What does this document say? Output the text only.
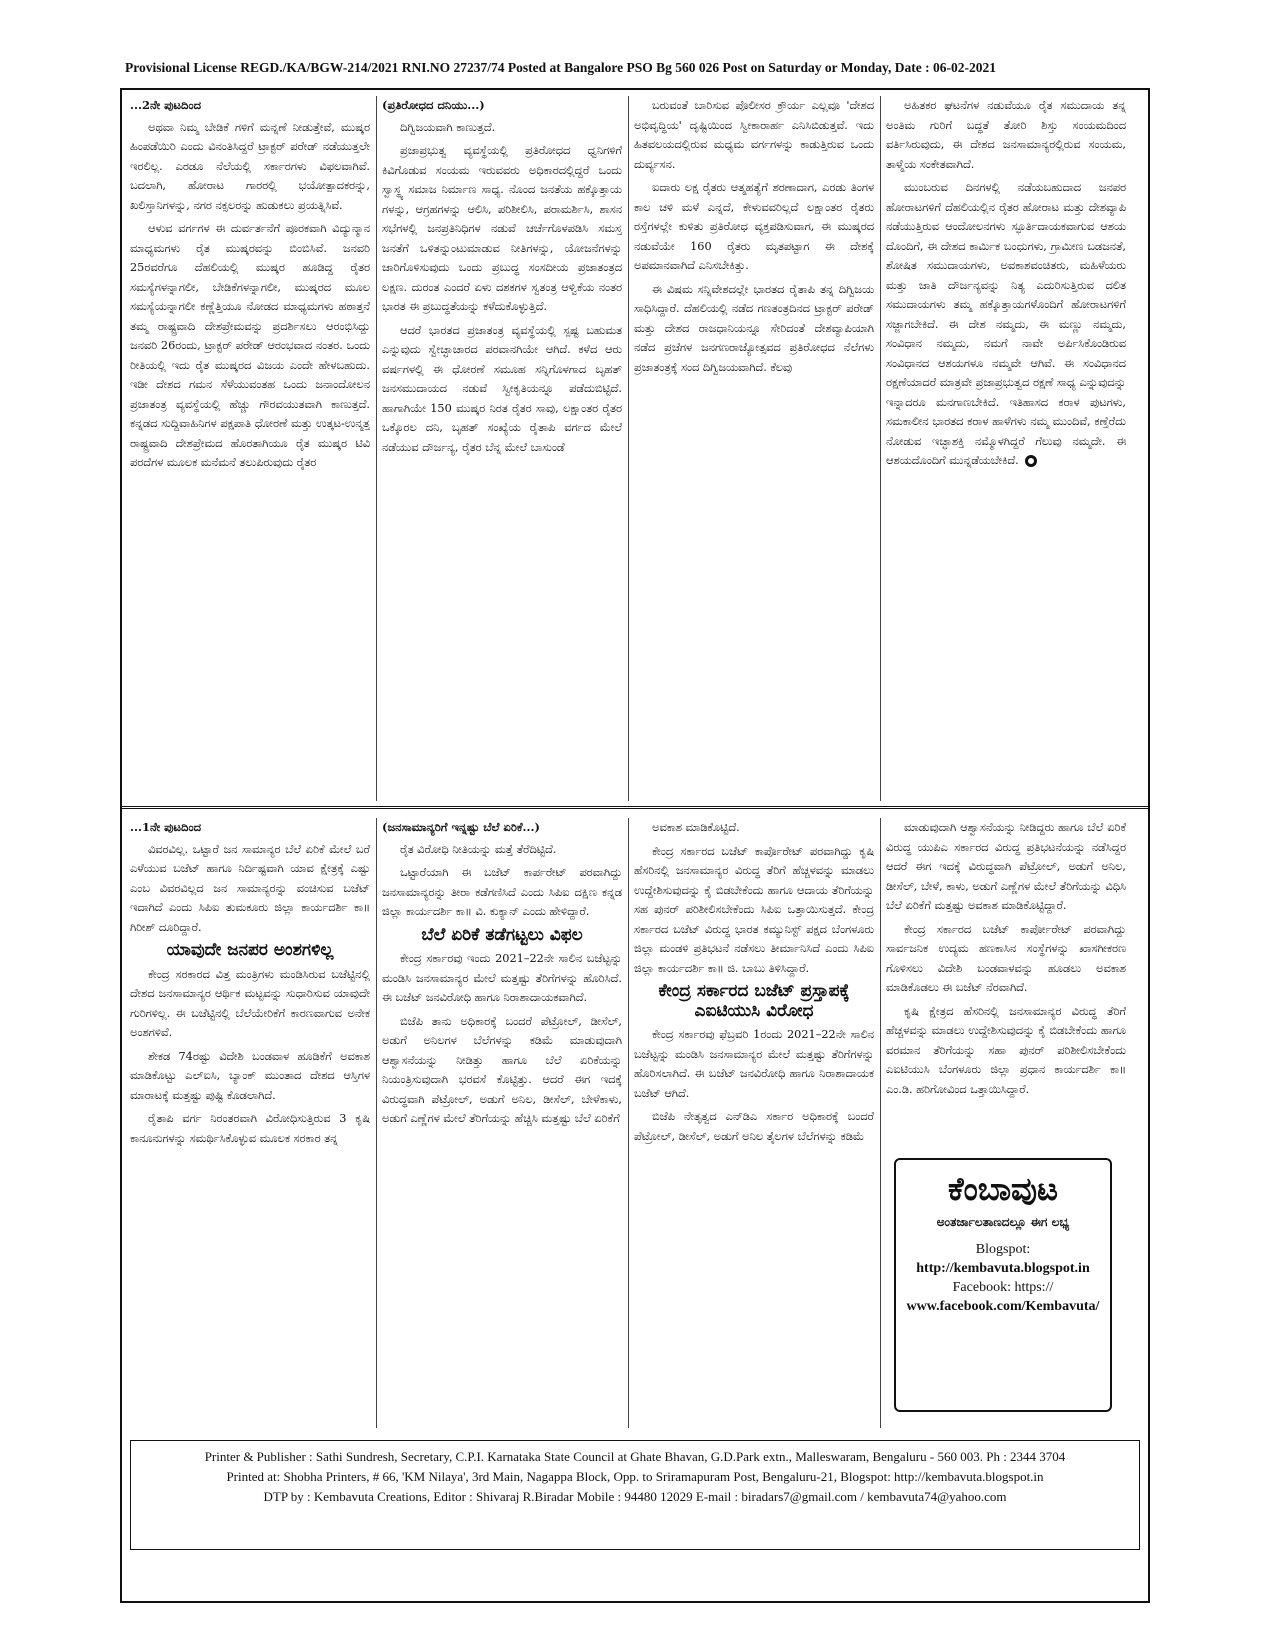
Provisional License REGD./KA/BGW-214/2021 RNI.NO 27237/74 Posted at Bangalore PSO Bg 560 026 Post on Saturday or Monday, Date : 06-02-2021
...2ನೇ ಪುಟದಿಂದ

ಅಥವಾ ನಿಮ್ಮ ಬೇಡಿಕೆ ಗಳಿಗೆ ಮನ್ನಣೆ ನೀಡುತ್ತೇವೆ, ಮುಷ್ಕರ ಹಿಂಪಡೆಯಿರಿ ಎಂದು ವಿನಂತಿಸಿದ್ದರೆ ಟ್ರಾಕ್ಟರ್ ಪರೇಡ್ ನಡೆಯುತ್ತಲೇ ಇರಲಿಲ್ಲ. ಎರಡೂ ನೆಲೆಯಲ್ಲಿ ಸರ್ಕಾರಗಳು ವಿಫಲವಾಗಿವೆ. ಬದಲಾಗಿ, ಹೋರಾಟ ಗಾರರಲ್ಲಿ ಭಯೋತ್ಪಾದಕರನ್ನು, ಖಲಿಸ್ತಾನಿಗಳನ್ನು, ನಗರ ನಕ್ಸಲರನ್ನು ಹುಡುಕಲು ಪ್ರಯತ್ನಿಸಿವೆ.

ಆಳುವ ವರ್ಗಗಳ ಈ ದುರ್ವರ್ತನೆಗೆ ಪೂರಕವಾಗಿ ವಿದ್ಯುನ್ಮಾನ ಮಾಧ್ಯಮಗಳು ರೈತ ಮುಷ್ಕರವನ್ನು ಬಿಂಬಿಸಿವೆ. ಜನವರಿ 25ರವರೆಗೂ ದೆಹಲಿಯಲ್ಲಿ ಮುಷ್ಕರ ಹೂಡಿದ್ದ ರೈತರ ಸಮಸ್ಯೆಗಳನ್ನಾಗಲೀ, ಬೇಡಿಕೆಗಳನ್ನಾಗಲೀ, ಮುಷ್ಕರದ ಮೂಲ ಸಮಸ್ಯೆಯನ್ನಾಗಲೀ ಕಣ್ಣೆತ್ತಿಯೂ ನೋಡದ ಮಾಧ್ಯಮಗಳು ಹಠಾತ್ತನೆ ತಮ್ಮ ರಾಷ್ಟ್ರವಾದಿ ದೇಶಪ್ರೇಮವನ್ನು ಪ್ರದರ್ಶಿಸಲು ಆರಂಭಿಸಿದ್ದು ಜನವರಿ 26ರಂದು, ಟ್ರಾಕ್ಟರ್ ಪರೇಡ್ ಆರಂಭವಾದ ನಂತರ. ಒಂದು ರೀತಿಯಲ್ಲಿ ಇದು ರೈತ ಮುಷ್ಕರದ ವಿಜಯ ಎಂದೇ ಹೇಳಬಹುದು. ಇಡೀ ದೇಶದ ಗಮನ ಸೆಳೆಯುವಂತಹ ಒಂದು ಜನಾಂದೋಲನ ಪ್ರಜಾತಂತ್ರ ವ್ಯವಸ್ಥೆಯಲ್ಲಿ ಹೆಚ್ಚು ಗೌರವಯುತವಾಗಿ ಕಾಣುತ್ತದೆ. ಕನ್ನಡದ ಸುದ್ದಿವಾಹಿನಿಗಳ ಪಕ್ಷಪಾತಿ ಧೋರಣೆ ಮತ್ತು ಉತ್ಕಟ-ಉನ್ಮತ್ತ ರಾಷ್ಟ್ರವಾದಿ ದೇಶಪ್ರೇಮದ ಹೊರತಾಗಿಯೂ ರೈತ ಮುಷ್ಕರ ಟಿವಿ ಪರದೆಗಳ ಮೂಲಕ ಮನೆಮನೆ ತಲುಪಿರುವುದು ರೈತರ

(ಪ್ರತಿರೋಧದ ದನಿಯು...)

ದಿಗ್ವಿಜಯವಾಗಿ ಕಾಣುತ್ತದೆ.

ಪ್ರಜಾಪ್ರಭುತ್ವ ವ್ಯವಸ್ಥೆಯಲ್ಲಿ ಪ್ರತಿರೋಧದ ಧ್ವನಿಗಳಿಗೆ ಕಿವಿಗೊಡುವ ಸಂಯಮ ಇರುವವರು ಅಧಿಕಾರದಲ್ಲಿದ್ದರೆ ಒಂದು ಸ್ವಾಸ್ಥ್ಯ ಸಮಾಜ ನಿರ್ಮಾಣ ಸಾಧ್ಯ. ನೊಂದ ಜನತೆಯ ಹಕ್ಕೊತ್ತಾಯ ಗಳನ್ನು, ಆಗ್ರಹಗಳನ್ನು ಆಲಿಸಿ, ಪರಿಶೀಲಿಸಿ, ಪರಾಮರ್ಶಿಸಿ, ಶಾಸನ ಸಭೆಗಳಲ್ಲಿ ಜನಪ್ರತಿನಿಧಿಗಳ ನಡುವೆ ಚರ್ಚೆಗೊಳಪಡಿಸಿ ಸಮಸ್ತ ಜನತೆಗೆ ಒಳಿತನ್ನುಂಟುಮಾಡುವ ನೀತಿಗಳನ್ನು, ಯೋಜನೆಗಳನ್ನು ಜಾರಿಗೊಳಿಸುವುದು ಒಂದು ಪ್ರಬುದ್ಧ ಸಂಸದೀಯ ಪ್ರಜಾತಂತ್ರದ ಲಕ್ಷಣ. ದುರಂತ ಎಂದರೆ ಏಳು ದಶಕಗಳ ಸ್ವತಂತ್ರ ಆಳ್ವಿಕೆಯ ನಂತರ ಭಾರತ ಈ ಪ್ರಬುದ್ಧತೆಯನ್ನು ಕಳೆದುಕೊಳ್ಳುತ್ತಿದೆ.

ಆದರೆ ಭಾರತದ ಪ್ರಜಾತಂತ್ರ ವ್ಯವಸ್ಥೆಯಲ್ಲಿ ಸ್ಪಷ್ಟ ಬಹುಮತ ಎನ್ನುವುದು ಸ್ವೇಚ್ಛಾಚಾರದ ಪರವಾನಗಿಯೇ ಆಗಿದೆ. ಕಳೆದ ಆರು ವರ್ಷಗಳಲ್ಲಿ ಈ ಧೋರಣೆ ಸಮೂಹ ಸನ್ನಿಗೊಳಗಾದ ಬೃಹತ್ ಜನಸಮುದಾಯದ ನಡುವೆ ಸ್ವೀಕೃತಿಯನ್ನೂ ಪಡೆದುಬಿಟ್ಟಿದೆ. ಹಾಗಾಗಿಯೇ 150 ಮುಷ್ಕರ ನಿರತ ರೈತರ ಸಾವು, ಲಕ್ಷಾಂತರ ರೈತರ ಒಕ್ಕೊರಲ ದನಿ, ಬೃಹತ್ ಸಂಖ್ಯೆಯ ರೈತಾಪಿ ವರ್ಗದ ಮೇಲೆ ನಡೆಯುವ ದೌರ್ಜನ್ಯ, ರೈತರ ಬೆನ್ನ ಮೇಲೆ ಬಾಸುಂಡೆ

ಬರುವಂತೆ ಬಾರಿಸುವ ಪೊಲೀಸರ ಕ್ರೌರ್ಯ ಎಲ್ಲವೂ 'ದೇಶದ ಅಭಿವೃದ್ಧಿಯ' ದೃಷ್ಟಿಯಿಂದ ಸ್ವೀಕಾರಾರ್ಹ ಎನಿಸಿಬಿಡುತ್ತವೆ. ಇದು ಹಿತವಲಯದಲ್ಲಿರುವ ಮಧ್ಯಮ ವರ್ಗಗಳನ್ನು ಕಾಡುತ್ತಿರುವ ಒಂದು ದುರ್ವ್ಯಸನ.

ಐದಾರು ಲಕ್ಷ ರೈತರು ಆತ್ಮಹತ್ಯೆಗೆ ಶರಣಾದಾಗ, ಎರಡು ತಿಂಗಳ ಕಾಲ ಚಳಿ ಮಳೆ ಎನ್ನದೆ, ಕೇಳುವವರಿಲ್ಲದೆ ಲಕ್ಷಾಂತರ ರೈತರು ರಸ್ತೆಗಳಲ್ಲೇ ಕುಳಿತು ಪ್ರತಿರೋಧ ವ್ಯಕ್ತಪಡಿಸುವಾಗ, ಈ ಮುಷ್ಕರದ ನಡುವೆಯೇ 160 ರೈತರು ಮೃತಪಟ್ಟಾಗ ಈ ದೇಶಕ್ಕೆ ಅಪಮಾನವಾಗಿದೆ ಎನಿಸಬೇಕಿತ್ತು.

ಈ ವಿಷಮ ಸನ್ನಿವೇಶದಲ್ಲೇ ಭಾರತದ ರೈತಾಪಿ ತನ್ನ ದಿಗ್ವಿಜಯ ಸಾಧಿಸಿದ್ದಾರೆ. ದೆಹಲಿಯಲ್ಲಿ ನಡೆದ ಗಣತಂತ್ರದಿನದ ಟ್ರಾಕ್ಟರ್ ಪರೇಡ್ ಮತ್ತು ದೇಶದ ರಾಜಧಾನಿಯನ್ನೂ ಸೇರಿದಂತೆ ದೇಶವ್ಯಾಪಿಯಾಗಿ ನಡೆದ ಪ್ರಜೆಗಳ ಜನಗಣರಾಜ್ಯೋತ್ಸವದ ಪ್ರತಿರೋಧದ ನೆಲೆಗಳು ಪ್ರಜಾತಂತ್ರಕ್ಕೆ ಸಂದ ದಿಗ್ವಿಜಯವಾಗಿದೆ. ಕೆಲವು

ಅಹಿತಕರ ಘಟನೆಗಳ ನಡುವೆಯೂ ರೈತ ಸಮುದಾಯ ತನ್ನ ಅಂತಿಮ ಗುರಿಗೆ ಬದ್ಧತೆ ತೋರಿ ಶಿಸ್ತು ಸಂಯಮದಿಂದ ವರ್ತಿಸಿರುವುದು, ಈ ದೇಶದ ಜನಸಾಮಾನ್ಯರಲ್ಲಿರುವ ಸಂಯಮ, ತಾಳ್ಮೆಯ ಸಂಕೇತವಾಗಿದೆ.

ಮುಂಬರುವ ದಿನಗಳಲ್ಲಿ ನಡೆಯಬಹುದಾದ ಜನಪರ ಹೋರಾಟಗಳಿಗೆ ದೆಹಲಿಯಲ್ಲಿನ ರೈತರ ಹೋರಾಟ ಮತ್ತು ದೇಶವ್ಯಾಪಿ ನಡೆಯುತ್ತಿರುವ ಆಂದೋಲನಗಳು ಸ್ಫೂರ್ತಿದಾಯಕವಾಗುವ ಆಶಯ ದೊಂದಿಗೆ, ಈ ದೇಶದ ಕಾರ್ಮಿಕ ಬಂಧುಗಳು, ಗ್ರಾಮೀಣ ಬಡಜನತೆ, ಶೋಷಿತ ಸಮುದಾಯಗಳು, ಅವಕಾಶವಂಚಿತರು, ಮಹಿಳೆಯರು ಮತ್ತು ಜಾತಿ ದೌರ್ಜನ್ಯವನ್ನು ನಿತ್ಯ ಎದುರಿಸುತ್ತಿರುವ ದಲಿತ ಸಮುದಾಯಗಳು ತಮ್ಮ ಹಕ್ಕೊತ್ತಾಯಗಳೊಂದಿಗೆ ಹೋರಾಟಗಳಿಗೆ ಸಜ್ಜಾಗಬೇಕಿದೆ. ಈ ದೇಶ ನಮ್ಮದು, ಈ ಮಣ್ಣು ನಮ್ಮದು, ಸಂವಿಧಾನ ನಮ್ಮದು, ನಮಗೆ ನಾವೇ ಅರ್ಪಿಸಿಕೊಂಡಿರುವ ಸಂವಿಧಾನದ ಆಶಯಗಳೂ ನಮ್ಮವೇ ಆಗಿವೆ. ಈ ಸಂವಿಧಾನದ ರಕ್ಷಣೆಯಾದರೆ ಮಾತ್ರವೇ ಪ್ರಜಾಪ್ರಭುತ್ವದ ರಕ್ಷಣೆ ಸಾಧ್ಯ ಎನ್ನುವುದನ್ನು ಇನ್ನಾದರೂ ಮನಗಾಣಬೇಕಿದೆ. ಇತಿಹಾಸದ ಕರಾಳ ಪುಟಗಳು, ಸಮಕಾಲೀನ ಭಾರತದ ಕರಾಳ ಹಾಳೆಗಳು ನಮ್ಮ ಮುಂದಿವೆ, ಕಣ್ತೆರೆದು ನೋಡುವ ಇಚ್ಛಾಶಕ್ತಿ ನಮ್ಮೊಳಗಿದ್ದರೆ ಗೆಲುವು ನಮ್ಮದೇ. ಈ ಆಶಯದೊಂದಿಗೆ ಮುನ್ನಡೆಯಬೇಕಿದೆ.

...1ನೇ ಪುಟದಿಂದ

ವಿವರವಿಲ್ಲ. ಒಟ್ಟಾರೆ ಜನ ಸಾಮಾನ್ಯರ ಬೆಲೆ ಏರಿಕೆ ಮೇಲೆ ಬರೆ ಎಳೆಯುವ ಬಜೆಟ್ ಹಾಗೂ ನಿರ್ದಿಷ್ಟವಾಗಿ ಯಾವ ಕ್ಷೇತ್ರಕ್ಕೆ ಎಷ್ಟು ಎಂಬ ವಿವರವಿಲ್ಲದ ಜನ ಸಾಮಾನ್ಯರನ್ನು ವಂಚಿಸುವ ಬಜೆಟ್ ಇದಾಗಿದೆ ಎಂದು ಸಿಪಿಐ ತುಮಕೂರು ಜಿಲ್ಲಾ ಕಾರ್ಯದರ್ಶಿ ಕಾ॥ ಗಿರೀಶ್ ದೂರಿದ್ದಾರೆ.

ಯಾವುದೇ ಜನಪರ ಅಂಶಗಳಿಲ್ಲ

ಕೇಂದ್ರ ಸರಕಾರದ ವಿತ್ತ ಮಂತ್ರಿಗಳು ಮಂಡಿಸಿರುವ ಬಜೆಟ್ಟಿನಲ್ಲಿ ದೇಶದ ಜನಸಾಮಾನ್ಯರ ಆರ್ಥಿಕ ಮಟ್ಟವನ್ನು ಸುಧಾರಿಸುವ ಯಾವುದೇ ಗುರಿಗಳಿಲ್ಲ. ಈ ಬಜೆಟ್ಟಿನಲ್ಲಿ ಬೆಲೆಯೇರಿಕೆಗೆ ಕಾರಣವಾಗುವ ಅನೇಕ ಅಂಶಗಳಿವೆ.

ಶೇಕಡ 74ರಷ್ಟು ವಿದೇಶಿ ಬಂಡವಾಳ ಹೂಡಿಕೆಗೆ ಅವಕಾಶ ಮಾಡಿಕೊಟ್ಟು ಎಲ್ಐಸಿ, ಬ್ಯಾಂಕ್ ಮುಂತಾದ ದೇಶದ ಆಸ್ತಿಗಳ ಮಾರಾಟಕ್ಕೆ ಮತ್ತಷ್ಟು ಪುಷ್ಟಿ ಕೊಡಲಾಗಿದೆ.

ರೈತಾಪಿ ವರ್ಗ ನಿರಂತರವಾಗಿ ವಿರೋಧಿಸುತ್ತಿರುವ 3 ಕೃಷಿ ಕಾನೂನುಗಳನ್ನು ಸಮರ್ಥಿಸಿಕೊಳ್ಳುವ ಮೂಲಕ ಸರಕಾರ ತನ್ನ

(ಜನಸಾಮಾನ್ಯರಿಗೆ ಇನ್ನಷ್ಟು ಬೆಲೆ ಏರಿಕೆ...)

ರೈತ ವಿರೋಧಿ ನೀತಿಯನ್ನು ಮತ್ತೆ ತೆರೆದಿಟ್ಟಿದೆ.

ಒಟ್ಟಾರೆಯಾಗಿ ಈ ಬಜೆಟ್ ಕಾರ್ಪರೇಟ್ ಪರವಾಗಿದ್ದು ಜನಸಾಮಾನ್ಯರನ್ನು ತೀರಾ ಕಡೆಗಣಿಸಿದೆ ಎಂದು ಸಿಪಿಐ ದಕ್ಷಿಣ ಕನ್ನಡ ಜಿಲ್ಲಾ ಕಾರ್ಯದರ್ಶಿ ಕಾ॥ ವಿ. ಕುಕ್ಯಾನ್ ಎಂದು ಹೇಳಿದ್ದಾರೆ.

ಬೆಲೆ ಏರಿಕೆ ತಡೆಗಟ್ಟಲು ವಿಫಲ

ಕೇಂದ್ರ ಸರ್ಕಾರವು ಇಂದು 2021–22ನೇ ಸಾಲಿನ ಬಜೆಟ್ಟನ್ನು ಮಂಡಿಸಿ ಜನಸಾಮಾನ್ಯರ ಮೇಲೆ ಮತ್ತಷ್ಟು ತೆರಿಗೆಗಳನ್ನು ಹೊರಿಸಿದೆ. ಈ ಬಜೆಟ್ ಜನವಿರೋಧಿ ಹಾಗೂ ನಿರಾಶಾದಾಯಕವಾಗಿದೆ.

ಬಿಜೆಪಿ ತಾನು ಅಧಿಕಾರಕ್ಕೆ ಬಂದರೆ ಪೆಟ್ರೋಲ್, ಡೀಸೆಲ್, ಅಡುಗೆ ಅನಿಲಗಳ ಬೆಲೆಗಳನ್ನು ಕಡಿಮೆ ಮಾಡುವುದಾಗಿ ಆಶ್ವಾಸನೆಯನ್ನು ನೀಡಿತ್ತು ಹಾಗೂ ಬೆಲೆ ಏರಿಕೆಯನ್ನು ನಿಯಂತ್ರಿಸುವುದಾಗಿ ಭರವಸೆ ಕೊಟ್ಟಿತ್ತು. ಆದರೆ ಈಗ ಇದಕ್ಕೆ ವಿರುದ್ಧವಾಗಿ ಪೆಟ್ರೋಲ್, ಅಡುಗೆ ಅನಿಲ, ಡೀಸೆಲ್, ಬೇಳೆಕಾಳು, ಅಡುಗೆ ಎಣ್ಣೆಗಳ ಮೇಲೆ ತೆರಿಗೆಯನ್ನು ಹೆಚ್ಚಿಸಿ ಮತ್ತಷ್ಟು ಬೆಲೆ ಏರಿಕೆಗೆ

ಅವಕಾಶ ಮಾಡಿಕೊಟ್ಟಿದೆ.

ಕೇಂದ್ರ ಸರ್ಕಾರದ ಬಜೆಟ್ ಕಾರ್ಪೊರೇಟ್ ಪರವಾಗಿದ್ದು ಕೃಷಿ ಹೆಸರಿನಲ್ಲಿ ಜನಸಾಮಾನ್ಯರ ವಿರುದ್ಧ ತೆರಿಗೆ ಹೆಚ್ಚಳವನ್ನು ಮಾಡಲು ಉದ್ದೇಶಿಸುವುದನ್ನು ಕೈ ಬಿಡಬೇಕೆಂದು ಹಾಗೂ ಆದಾಯ ತೆರಿಗೆಯನ್ನು ಸಹ ಪುನರ್ ಪರಿಶೀಲಿಸಬೇಕೆಂದು ಸಿಪಿಐ ಒತ್ತಾಯಿಸುತ್ತದೆ. ಕೇಂದ್ರ ಸರ್ಕಾರದ ಬಜೆಟ್ ವಿರುದ್ಧ ಭಾರತ ಕಮ್ಯುನಿಸ್ಟ್ ಪಕ್ಷದ ಬೆಂಗಳೂರು ಜಿಲ್ಲಾ ಮಂಡಳಿ ಪ್ರತಿಭಟನೆ ನಡೆಸಲು ತೀರ್ಮಾನಿಸಿದೆ ಎಂದು ಸಿಪಿಐ ಜಿಲ್ಲಾ ಕಾರ್ಯದರ್ಶಿ ಕಾ॥ ಜಿ. ಬಾಬು ತಿಳಿಸಿದ್ದಾರೆ.

ಕೇಂದ್ರ ಸರ್ಕಾರದ ಬಜೆಟ್ ಪ್ರಸ್ತಾಪಕ್ಕೆ ಎಐಟಿಯುಸಿ ವಿರೋಧ

ಕೇಂದ್ರ ಸರ್ಕಾರವು ಫೆಬ್ರವರಿ 1ರಂದು 2021–22ನೇ ಸಾಲಿನ ಬಜೆಟ್ಟನ್ನು ಮಂಡಿಸಿ ಜನಸಾಮಾನ್ಯರ ಮೇಲೆ ಮತ್ತಷ್ಟು ತೆರಿಗೆಗಳನ್ನು ಹೊರಿಸಲಾಗಿದೆ. ಈ ಬಜೆಟ್ ಜನವಿರೋಧಿ ಹಾಗೂ ನಿರಾಶಾದಾಯಕ ಬಜೆಟ್ ಆಗಿದೆ.

ಬಿಜೆಪಿ ನೇತೃತ್ವದ ಎನ್‌ಡಿಎ ಸರ್ಕಾರ ಅಧಿಕಾರಕ್ಕೆ ಬಂದರೆ ಪೆಟ್ರೋಲ್, ಡೀಸೆಲ್, ಅಡುಗೆ ಅನಿಲ ತೈಲಗಳ ಬೆಲೆಗಳನ್ನು ಕಡಿಮೆ

ಮಾಡುವುದಾಗಿ ಆಶ್ವಾಸನೆಯನ್ನು ನೀಡಿದ್ದರು ಹಾಗೂ ಬೆಲೆ ಏರಿಕೆ ವಿರುದ್ಧ ಯುಪಿಎ ಸರ್ಕಾರದ ವಿರುದ್ಧ ಪ್ರತಿಭಟನೆಯನ್ನು ನಡೆಸಿದ್ದರ ಆದರೆ ಈಗ ಇದಕ್ಕೆ ವಿರುದ್ಧವಾಗಿ ಪೆಟ್ರೋಲ್, ಅಡುಗೆ ಅನಿಲ, ಡೀಸೆಲ್, ಬೇಳೆ, ಕಾಳು, ಅಡುಗೆ ಎಣ್ಣೆಗಳ ಮೇಲೆ ತೆರಿಗೆಯನ್ನು ವಿಧಿಸಿ ಬೆಲೆ ಏರಿಕೆಗೆ ಮತ್ತಷ್ಟು ಅವಕಾಶ ಮಾಡಿಕೊಟ್ಟಿದ್ದಾರೆ.

ಕೇಂದ್ರ ಸರ್ಕಾರದ ಬಜೆಟ್ ಕಾರ್ಪೋರೇಟ್ ಪರವಾಗಿದ್ದು ಸಾರ್ವಜನಿಕ ಉದ್ಯಮ ಹಣಕಾಸಿನ ಸಂಸ್ಥೆಗಳನ್ನು ಖಾಸಗೀಕರಣ ಗೊಳಿಸಲು ವಿದೇಶಿ ಬಂಡವಾಳವನ್ನು ಹೂಡಲು ಅವಕಾಶ ಮಾಡಿಕೊಡಲು ಈ ಬಜೆಟ್ ನೆರವಾಗಿದೆ.

ಕೃಷಿ ಕ್ಷೇತ್ರದ ಹೆಸರಿನಲ್ಲಿ ಜನಸಾಮಾನ್ಯರ ವಿರುದ್ಧ ತೆರಿಗೆ ಹೆಚ್ಚಳವನ್ನು ಮಾಡಲು ಉದ್ದೇಶಿಸುವುದನ್ನು ಕೈ ಬಿಡಬೇಕೆಂದು ಹಾಗೂ ವರಮಾನ ತೆರಿಗೆಯನ್ನು ಸಹಾ ಪುನರ್ ಪರಿಶೀಲಿಸಬೇಕೆಂದು ಎಐಟಿಯುಸಿ ಬೆಂಗಳೂರು ಜಿಲ್ಲಾ ಪ್ರಧಾನ ಕಾರ್ಯದರ್ಶಿ ಕಾ॥ ಎಂ.ಡಿ. ಹರಿಗೋವಿಂದ ಒತ್ತಾಯಿಸಿದ್ದಾರೆ.

ಕೆಂಬಾವುಟ
ಅಂತರ್ಜಾಲತಾಣದಲ್ಲೂ ಈಗ ಲಭ್ಯ
Blogspot:
http://kembavuta.blogspot.in
Facebook: https://
www.facebook.com/Kembavuta/
Printer & Publisher : Sathi Sundresh, Secretary, C.P.I. Karnataka State Council at Ghate Bhavan, G.D.Park extn., Malleswaram, Bengaluru - 560 003. Ph : 2344 3704
Printed at: Shobha Printers, # 66, 'KM Nilaya', 3rd Main, Nagappa Block, Opp. to Sriramapuram Post, Bengaluru-21, Blogspot: http://kembavuta.blogspot.in
DTP by : Kembavuta Creations, Editor : Shivaraj R.Biradar Mobile : 94480 12029 E-mail : biradars7@gmail.com / kembavuta74@yahoo.com
